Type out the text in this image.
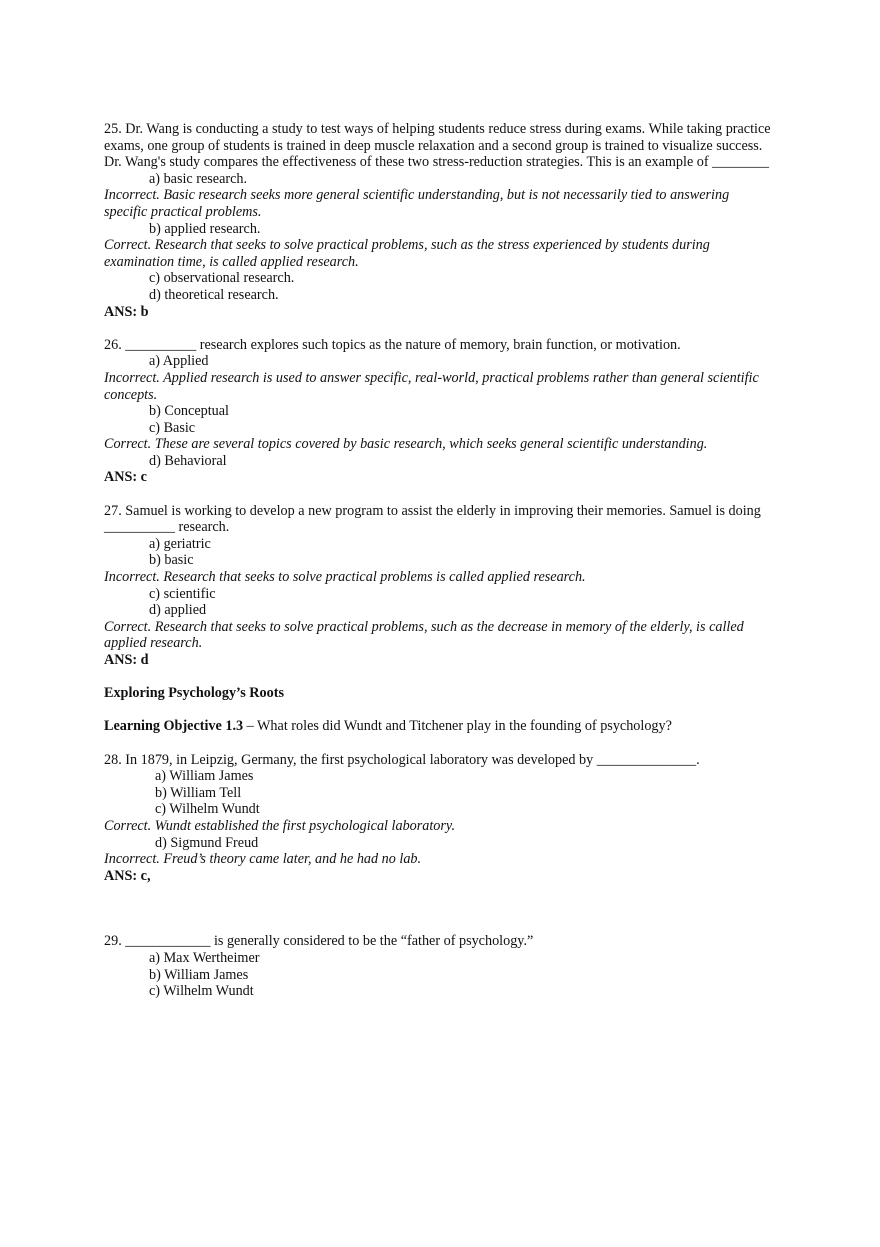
25. Dr. Wang is conducting a study to test ways of helping students reduce stress during exams. While taking practice exams, one group of students is trained in deep muscle relaxation and a second group is trained to visualize success. Dr. Wang's study compares the effectiveness of these two stress-reduction strategies. This is an example of ________
a) basic research.
Incorrect. Basic research seeks more general scientific understanding, but is not necessarily tied to answering specific practical problems.
b) applied research.
Correct. Research that seeks to solve practical problems, such as the stress experienced by students during examination time, is called applied research.
c) observational research.
d) theoretical research.
ANS: b
26. __________ research explores such topics as the nature of memory, brain function, or motivation.
a) Applied
Incorrect. Applied research is used to answer specific, real-world, practical problems rather than general scientific concepts.
b) Conceptual
c) Basic
Correct. These are several topics covered by basic research, which seeks general scientific understanding.
d) Behavioral
ANS: c
27. Samuel is working to develop a new program to assist the elderly in improving their memories. Samuel is doing __________ research.
a) geriatric
b) basic
Incorrect. Research that seeks to solve practical problems is called applied research.
c) scientific
d) applied
Correct. Research that seeks to solve practical problems, such as the decrease in memory of the elderly, is called applied research.
ANS: d
Exploring Psychology’s Roots
Learning Objective 1.3 – What roles did Wundt and Titchener play in the founding of psychology?
28. In 1879, in Leipzig, Germany, the first psychological laboratory was developed by ______________.
a) William James
b) William Tell
c) Wilhelm Wundt
Correct. Wundt established the first psychological laboratory.
d) Sigmund Freud
Incorrect. Freud’s theory came later, and he had no lab.
ANS: c,
29. ____________ is generally considered to be the “father of psychology.”
a) Max Wertheimer
b) William James
c) Wilhelm Wundt
